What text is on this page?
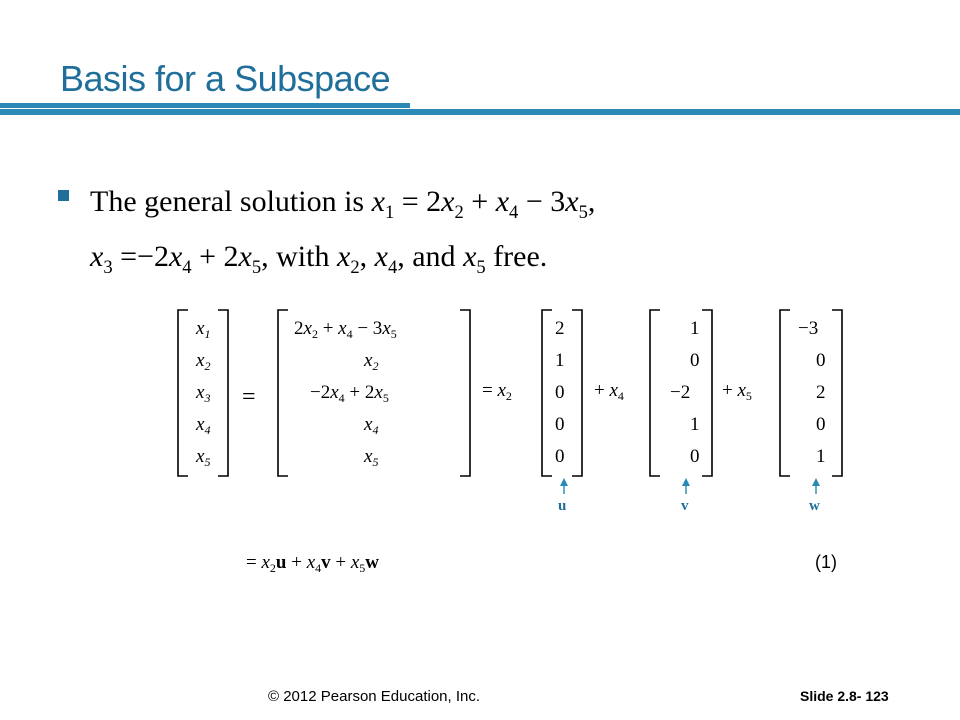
Basis for a Subspace
The general solution is $x_1 = 2x_2 + x_4 - 3x_5$,
$x_3 =-2x_4 + 2x_5$, with $x_2$, $x_4$, and $x_5$ free.
$x_1$
$x_2$
$x_3$
$x_4$
$x_5$
=
$2x_2 + x_4 - 3x_5$
$x_2$
$-2x_4 + 2x_5$
$x_4$
$x_5$
= $x_2$
2
1
0
0
0
+ $x_4$
1
0
−2
1
0
+ $x_5$
−3
0
2
0
1
u	v	w
= $x_2u + x_4v + x_5w$	(1)
© 2012 Pearson Education, Inc.	Slide 2.8- 123
